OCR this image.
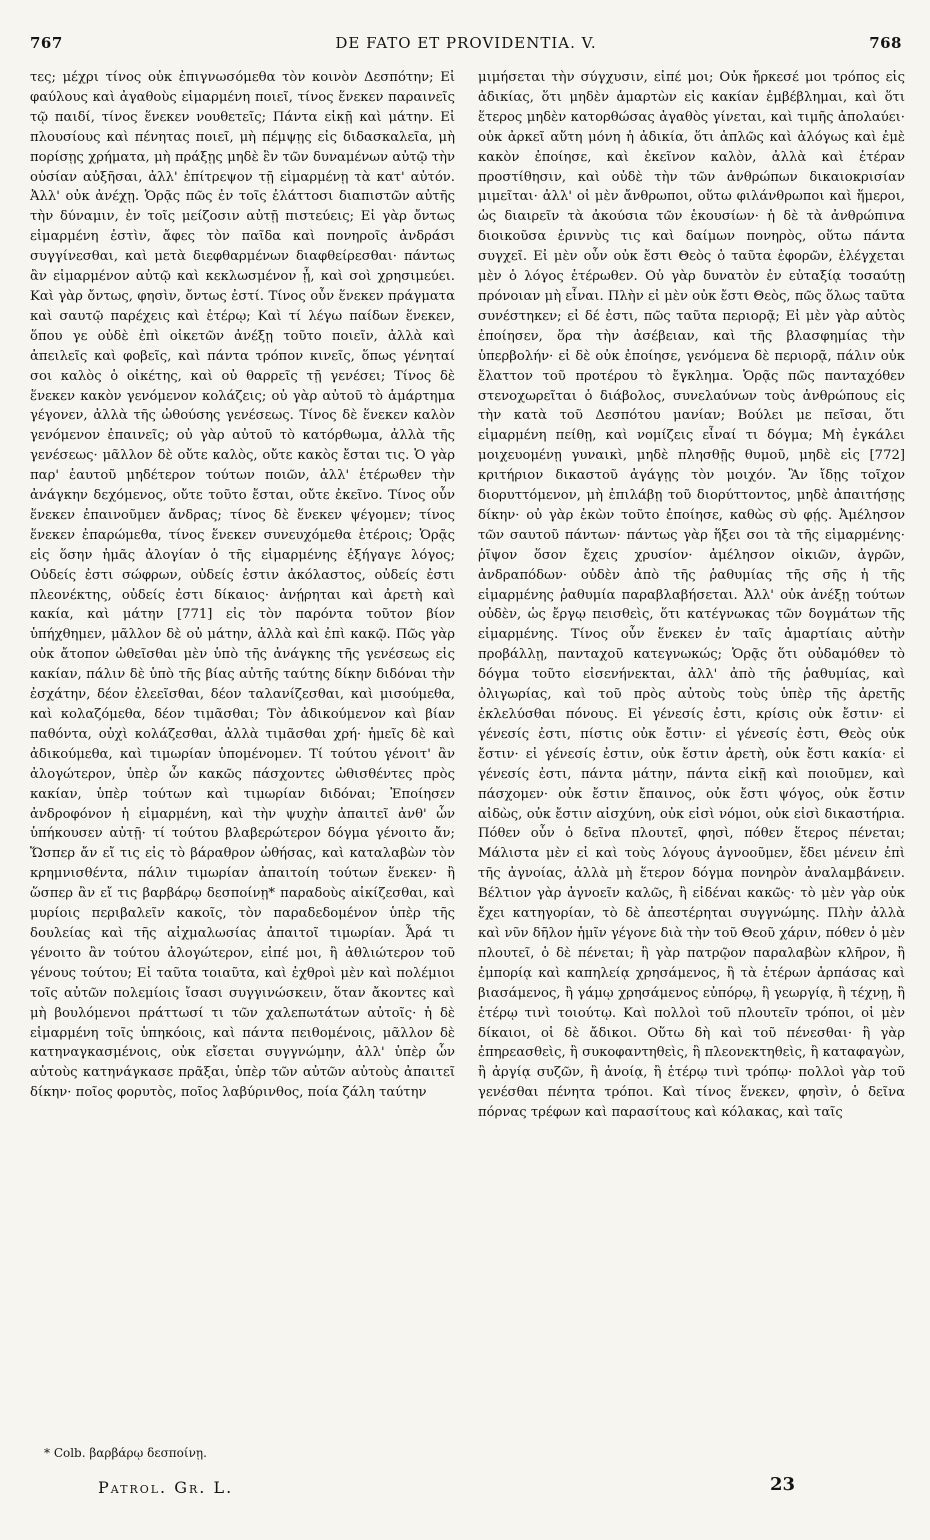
767	DE FATO ET PROVIDENTIA. V.	768

τες; μέχρι τίνος οὐκ ἐπιγνωσόμεθα τὸν κοινὸν Δεσπότην; Εἰ φαύλους καὶ ἀγαθοὺς εἱμαρμένη ποιεῖ, τίνος ἕνεκεν παραινεῖς τῷ παιδί, τίνος ἕνεκεν νουθετεῖς; Πάντα εἰκῇ καὶ μάτην. Εἰ πλουσίους καὶ πένητας ποιεῖ, μὴ πέμψῃς εἰς διδασκαλεῖα, μὴ πορίσῃς χρήματα, μὴ πράξῃς μηδὲ ἓν τῶν δυναμένων αὐτῷ τὴν οὐσίαν αὐξῆσαι, ἀλλ' ἐπίτρεψον τῇ εἱμαρμένῃ τὰ κατ' αὐτόν. Ἀλλ' οὐκ ἀνέχῃ. Ὁρᾷς πῶς ἐν τοῖς ἐλάττοσι διαπιστῶν αὐτῆς τὴν δύναμιν, ἐν τοῖς μείζοσιν αὐτῇ πιστεύεις; Εἰ γὰρ ὄντως εἱμαρμένη ἐστὶν, ἄφες τὸν παῖδα καὶ πονηροῖς ἀνδράσι συγγίνεσθαι, καὶ μετὰ διεφθαρμένων διαφθείρεσθαι· πάντως ἂν εἱμαρμένον αὐτῷ καὶ κεκλωσμένον ᾖ, καὶ σοὶ χρησιμεύει. Καὶ γὰρ ὄντως, φησὶν, ὄντως ἐστί. Τίνος οὖν ἕνεκεν πράγματα καὶ σαυτῷ παρέχεις καὶ ἑτέρῳ; Καὶ τί λέγω παίδων ἕνεκεν, ὅπου γε οὐδὲ ἐπὶ οἰκετῶν ἀνέξῃ τοῦτο ποιεῖν, ἀλλὰ καὶ ἀπειλεῖς καὶ φοβεῖς, καὶ πάντα τρόπον κινεῖς, ὅπως γένηταί σοι καλὸς ὁ οἰκέτης, καὶ οὐ θαρρεῖς τῇ γενέσει; Τίνος δὲ ἕνεκεν κακὸν γενόμενον κολάζεις; οὐ γὰρ αὐτοῦ τὸ ἁμάρτημα γέγονεν, ἀλλὰ τῆς ὠθούσης γενέσεως. Τίνος δὲ ἕνεκεν καλὸν γενόμενον ἐπαινεῖς; οὐ γὰρ αὐτοῦ τὸ κατόρθωμα, ἀλλὰ τῆς γενέσεως· μᾶλλον δὲ οὔτε καλὸς, οὔτε κακὸς ἔσται τις. Ὁ γὰρ παρ' ἑαυτοῦ μηδέτερον τούτων ποιῶν, ἀλλ' ἑτέρωθεν τὴν ἀνάγκην δεχόμενος, οὔτε τοῦτο ἔσται, οὔτε ἐκεῖνο. Τίνος οὖν ἕνεκεν ἐπαινοῦμεν ἄνδρας; τίνος δὲ ἕνεκεν ψέγομεν; τίνος ἕνεκεν ἐπαρώμεθα, τίνος ἕνεκεν συνευχόμεθα ἑτέροις; Ὁρᾷς εἰς ὅσην ἡμᾶς ἀλογίαν ὁ τῆς εἱμαρμένης ἐξήγαγε λόγος; Οὐδείς ἐστι σώφρων, οὐδείς ἐστιν ἀκόλαστος, οὐδείς ἐστι πλεονέκτης, οὐδείς ἐστι δίκαιος· ἀνῄρηται καὶ ἀρετὴ καὶ κακία, καὶ μάτην [771] εἰς τὸν παρόντα τοῦτον βίον ὑπήχθημεν, μᾶλλον δὲ οὐ μάτην, ἀλλὰ καὶ ἐπὶ κακῷ. Πῶς γὰρ οὐκ ἄτοπον ὠθεῖσθαι μὲν ὑπὸ τῆς ἀνάγκης τῆς γενέσεως εἰς κακίαν, πάλιν δὲ ὑπὸ τῆς βίας αὐτῆς ταύτης δίκην διδόναι τὴν ἐσχάτην, δέον ἐλεεῖσθαι, δέον ταλανίζεσθαι, καὶ μισούμεθα, καὶ κολαζόμεθα, δέον τιμᾶσθαι; Τὸν ἀδικούμενον καὶ βίαν παθόντα, οὐχὶ κολάζεσθαι, ἀλλὰ τιμᾶσθαι χρή· ἡμεῖς δὲ καὶ ἀδικούμεθα, καὶ τιμωρίαν ὑπομένομεν. Τί τούτου γένοιτ' ἂν ἀλογώτερον, ὑπὲρ ὧν κακῶς πάσχοντες ὠθισθέντες πρὸς κακίαν, ὑπὲρ τούτων καὶ τιμωρίαν διδόναι; Ἐποίησεν ἀνδροφόνον ἡ εἱμαρμένη, καὶ τὴν ψυχὴν ἀπαιτεῖ ἀνθ' ὧν ὑπήκουσεν αὐτῇ· τί τούτου βλαβερώτερον δόγμα γένοιτο ἄν; Ὥσπερ ἄν εἴ τις εἰς τὸ βάραθρον ὠθήσας, καὶ καταλαβὼν τὸν κρημνισθέντα, πάλιν τιμωρίαν ἀπαιτοίη τούτων ἕνεκεν· ἢ ὥσπερ ἂν εἴ τις βαρβάρῳ δεσποίνῃ* παραδοὺς αἰκίζεσθαι, καὶ μυρίοις περιβαλεῖν κακοῖς, τὸν παραδεδομένον ὑπὲρ τῆς δουλείας καὶ τῆς αἰχμαλωσίας ἀπαιτοῖ τιμωρίαν. Ἆρά τι γένοιτο ἂν τούτου ἀλογώτερον, εἰπέ μοι, ἢ ἀθλιώτερον τοῦ γένους τούτου; Εἰ ταῦτα τοιαῦτα, καὶ ἐχθροὶ μὲν καὶ πολέμιοι τοῖς αὐτῶν πολεμίοις ἴσασι συγγινώσκειν, ὅταν ἄκοντες καὶ μὴ βουλόμενοι πράττωσί τι τῶν χαλεπωτάτων αὐτοῖς· ἡ δὲ εἱμαρμένη τοῖς ὑπηκόοις, καὶ πάντα πειθομένοις, μᾶλλον δὲ κατηναγκασμένοις, οὐκ εἴσεται συγγνώμην, ἀλλ' ὑπὲρ ὧν αὐτοὺς κατηνάγκασε πρᾶξαι, ὑπὲρ τῶν αὐτῶν αὐτοὺς ἀπαιτεῖ δίκην· ποῖος φορυτὸς, ποῖος λαβύρινθος, ποία ζάλη ταύτην

μιμήσεται τὴν σύγχυσιν, εἰπέ μοι; Οὐκ ἤρκεσέ μοι τρόπος εἰς ἀδικίας, ὅτι μηδὲν ἁμαρτὼν εἰς κακίαν ἐμβέβλημαι, καὶ ὅτι ἕτερος μηδὲν κατορθώσας ἀγαθὸς γίνεται, καὶ τιμῆς ἀπολαύει· οὐκ ἀρκεῖ αὕτη μόνη ἡ ἀδικία, ὅτι ἁπλῶς καὶ ἀλόγως καὶ ἐμὲ κακὸν ἐποίησε, καὶ ἐκεῖνον καλὸν, ἀλλὰ καὶ ἑτέραν προστίθησιν, καὶ οὐδὲ τὴν τῶν ἀνθρώπων δικαιοκρισίαν μιμεῖται· ἀλλ' οἱ μὲν ἄνθρωποι, οὕτω φιλάνθρωποι καὶ ἥμεροι, ὡς διαιρεῖν τὰ ἀκούσια τῶν ἑκουσίων· ἡ δὲ τὰ ἀνθρώπινα διοικοῦσα ἐριννὺς τις καὶ δαίμων πονηρὸς, οὕτω πάντα συγχεῖ. Εἰ μὲν οὖν οὐκ ἔστι Θεὸς ὁ ταῦτα ἐφορῶν, ἐλέγχεται μὲν ὁ λόγος ἑτέρωθεν. Οὐ γὰρ δυνατὸν ἐν εὐταξίᾳ τοσαύτῃ πρόνοιαν μὴ εἶναι. Πλὴν εἰ μὲν οὐκ ἔστι Θεὸς, πῶς ὅλως ταῦτα συνέστηκεν; εἰ δέ ἐστι, πῶς ταῦτα περιορᾷ; Εἰ μὲν γὰρ αὐτὸς ἐποίησεν, ὅρα τὴν ἀσέβειαν, καὶ τῆς βλασφημίας τὴν ὑπερβολήν· εἰ δὲ οὐκ ἐποίησε, γενόμενα δὲ περιορᾷ, πάλιν οὐκ ἔλαττον τοῦ προτέρου τὸ ἔγκλημα. Ὁρᾷς πῶς πανταχόθεν στενοχωρεῖται ὁ διάβολος, συνελαύνων τοὺς ἀνθρώπους εἰς τὴν κατὰ τοῦ Δεσπότου μανίαν; Βούλει με πεῖσαι, ὅτι εἱμαρμένη πείθῃ, καὶ νομίζεις εἶναί τι δόγμα; Μὴ ἐγκάλει μοιχευομένῃ γυναικὶ, μηδὲ πλησθῇς θυμοῦ, μηδὲ εἰς [772] κριτήριον δικαστοῦ ἀγάγῃς τὸν μοιχόν. Ἂν ἴδῃς τοῖχον διορυττόμενον, μὴ ἐπιλάβῃ τοῦ διορύττοντος, μηδὲ ἀπαιτήσῃς δίκην· οὐ γὰρ ἑκὼν τοῦτο ἐποίησε, καθὼς σὺ φῄς. Ἀμέλησον τῶν σαυτοῦ πάντων· πάντως γὰρ ἥξει σοι τὰ τῆς εἱμαρμένης· ῥῖψον ὅσον ἔχεις χρυσίον· ἀμέλησον οἰκιῶν, ἀγρῶν, ἀνδραπόδων· οὐδὲν ἀπὸ τῆς ῥαθυμίας τῆς σῆς ἡ τῆς εἱμαρμένης ῥαθυμία παραβλαβήσεται. Ἀλλ' οὐκ ἀνέξῃ τούτων οὐδὲν, ὡς ἔργῳ πεισθεὶς, ὅτι κατέγνωκας τῶν δογμάτων τῆς εἱμαρμένης. Τίνος οὖν ἕνεκεν ἐν ταῖς ἁμαρτίαις αὐτὴν προβάλλῃ, πανταχοῦ κατεγνωκώς; Ὁρᾷς ὅτι οὐδαμόθεν τὸ δόγμα τοῦτο εἰσενήνεκται, ἀλλ' ἀπὸ τῆς ῥαθυμίας, καὶ ὀλιγωρίας, καὶ τοῦ πρὸς αὐτοὺς τοὺς ὑπὲρ τῆς ἀρετῆς ἐκλελύσθαι πόνους. Εἰ γένεσίς ἐστι, κρίσις οὐκ ἔστιν· εἰ γένεσίς ἐστι, πίστις οὐκ ἔστιν· εἰ γένεσίς ἐστι, Θεὸς οὐκ ἔστιν· εἰ γένεσίς ἐστιν, οὐκ ἔστιν ἀρετὴ, οὐκ ἔστι κακία· εἰ γένεσίς ἐστι, πάντα μάτην, πάντα εἰκῇ καὶ ποιοῦμεν, καὶ πάσχομεν· οὐκ ἔστιν ἔπαινος, οὐκ ἔστι ψόγος, οὐκ ἔστιν αἰδὼς, οὐκ ἔστιν αἰσχύνη, οὐκ εἰσὶ νόμοι, οὐκ εἰσὶ δικαστήρια. Πόθεν οὖν ὁ δεῖνα πλουτεῖ, φησὶ, πόθεν ἕτερος πένεται; Μάλιστα μὲν εἰ καὶ τοὺς λόγους ἀγνοοῦμεν, ἔδει μένειν ἐπὶ τῆς ἀγνοίας, ἀλλὰ μὴ ἕτερον δόγμα πονηρὸν ἀναλαμβάνειν. Βέλτιον γὰρ ἀγνοεῖν καλῶς, ἢ εἰδέναι κακῶς· τὸ μὲν γὰρ οὐκ ἔχει κατηγορίαν, τὸ δὲ ἀπεστέρηται συγγνώμης. Πλὴν ἀλλὰ καὶ νῦν δῆλον ἡμῖν γέγονε διὰ τὴν τοῦ Θεοῦ χάριν, πόθεν ὁ μὲν πλουτεῖ, ὁ δὲ πένεται; ἢ γὰρ πατρῷον παραλαβὼν κλῆρον, ἢ ἐμπορίᾳ καὶ καπηλείᾳ χρησάμενος, ἢ τὰ ἑτέρων ἁρπάσας καὶ βιασάμενος, ἢ γάμῳ χρησάμενος εὐπόρῳ, ἢ γεωργίᾳ, ἢ τέχνῃ, ἢ ἑτέρῳ τινὶ τοιούτῳ. Καὶ πολλοὶ τοῦ πλουτεῖν τρόποι, οἱ μὲν δίκαιοι, οἱ δὲ ἄδικοι. Οὕτω δὴ καὶ τοῦ πένεσθαι· ἢ γὰρ ἐπηρεασθεὶς, ἢ συκοφαντηθεὶς, ἢ πλεονεκτηθεὶς, ἢ καταφαγὼν, ἢ ἀργίᾳ συζῶν, ἢ ἀνοίᾳ, ἢ ἑτέρῳ τινὶ τρόπῳ· πολλοὶ γὰρ τοῦ γενέσθαι πένητα τρόποι. Καὶ τίνος ἕνεκεν, φησὶν, ὁ δεῖνα πόρνας τρέφων καὶ παρασίτους καὶ κόλακας, καὶ ταῖς

* Colb. βαρβάρῳ δεσποίνῃ.
Patrol. Gr. L.	23
